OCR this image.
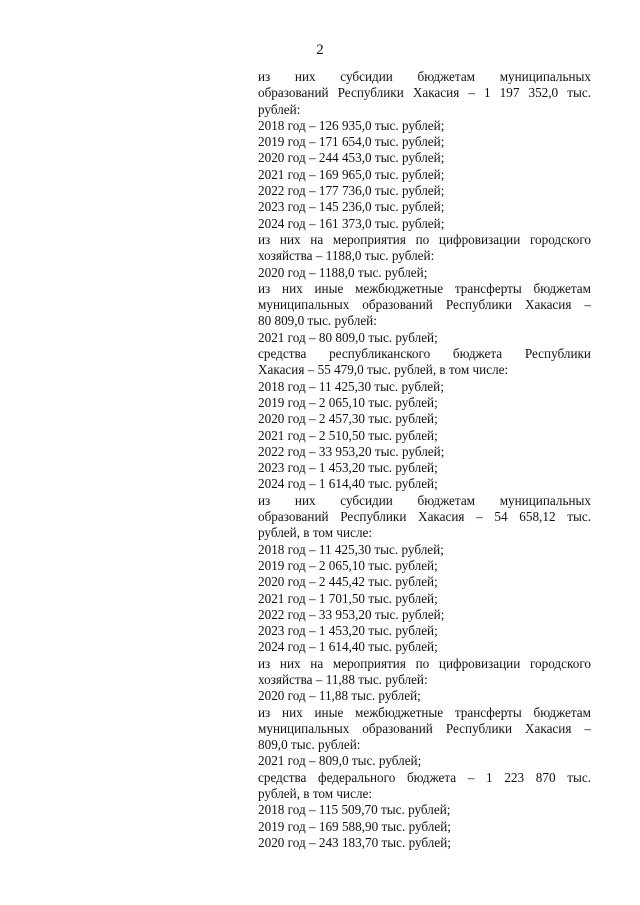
2
из них субсидии бюджетам муниципальных
образований Республики Хакасия – 1 197 352,0 тыс.
рублей:
2018 год – 126 935,0 тыс. рублей;
2019 год – 171 654,0 тыс. рублей;
2020 год – 244 453,0 тыс. рублей;
2021 год – 169 965,0 тыс. рублей;
2022 год – 177 736,0 тыс. рублей;
2023 год – 145 236,0 тыс. рублей;
2024 год – 161 373,0 тыс. рублей;
из них на мероприятия по цифровизации городского
хозяйства – 1188,0 тыс. рублей:
2020 год – 1188,0 тыс. рублей;
из них иные межбюджетные трансферты бюджетам
муниципальных образований Республики Хакасия –
80 809,0 тыс. рублей:
2021 год – 80 809,0 тыс. рублей;
средства республиканского бюджета Республики
Хакасия – 55 479,0 тыс. рублей, в том числе:
2018 год – 11 425,30 тыс. рублей;
2019 год – 2 065,10 тыс. рублей;
2020 год – 2 457,30 тыс. рублей;
2021 год – 2 510,50 тыс. рублей;
2022 год – 33 953,20 тыс. рублей;
2023 год – 1 453,20 тыс. рублей;
2024 год – 1 614,40 тыс. рублей;
из них субсидии бюджетам муниципальных
образований Республики Хакасия – 54 658,12 тыс.
рублей, в том числе:
2018 год – 11 425,30 тыс. рублей;
2019 год – 2 065,10 тыс. рублей;
2020 год – 2 445,42 тыс. рублей;
2021 год – 1 701,50 тыс. рублей;
2022 год – 33 953,20 тыс. рублей;
2023 год – 1 453,20 тыс. рублей;
2024 год – 1 614,40 тыс. рублей;
из них на мероприятия по цифровизации городского
хозяйства – 11,88 тыс. рублей:
2020 год – 11,88 тыс. рублей;
из них иные межбюджетные трансферты бюджетам
муниципальных образований Республики Хакасия –
809,0 тыс. рублей:
2021 год – 809,0 тыс. рублей;
средства федерального бюджета – 1 223 870 тыс.
рублей, в том числе:
2018 год – 115 509,70 тыс. рублей;
2019 год – 169 588,90 тыс. рублей;
2020 год – 243 183,70 тыс. рублей;
